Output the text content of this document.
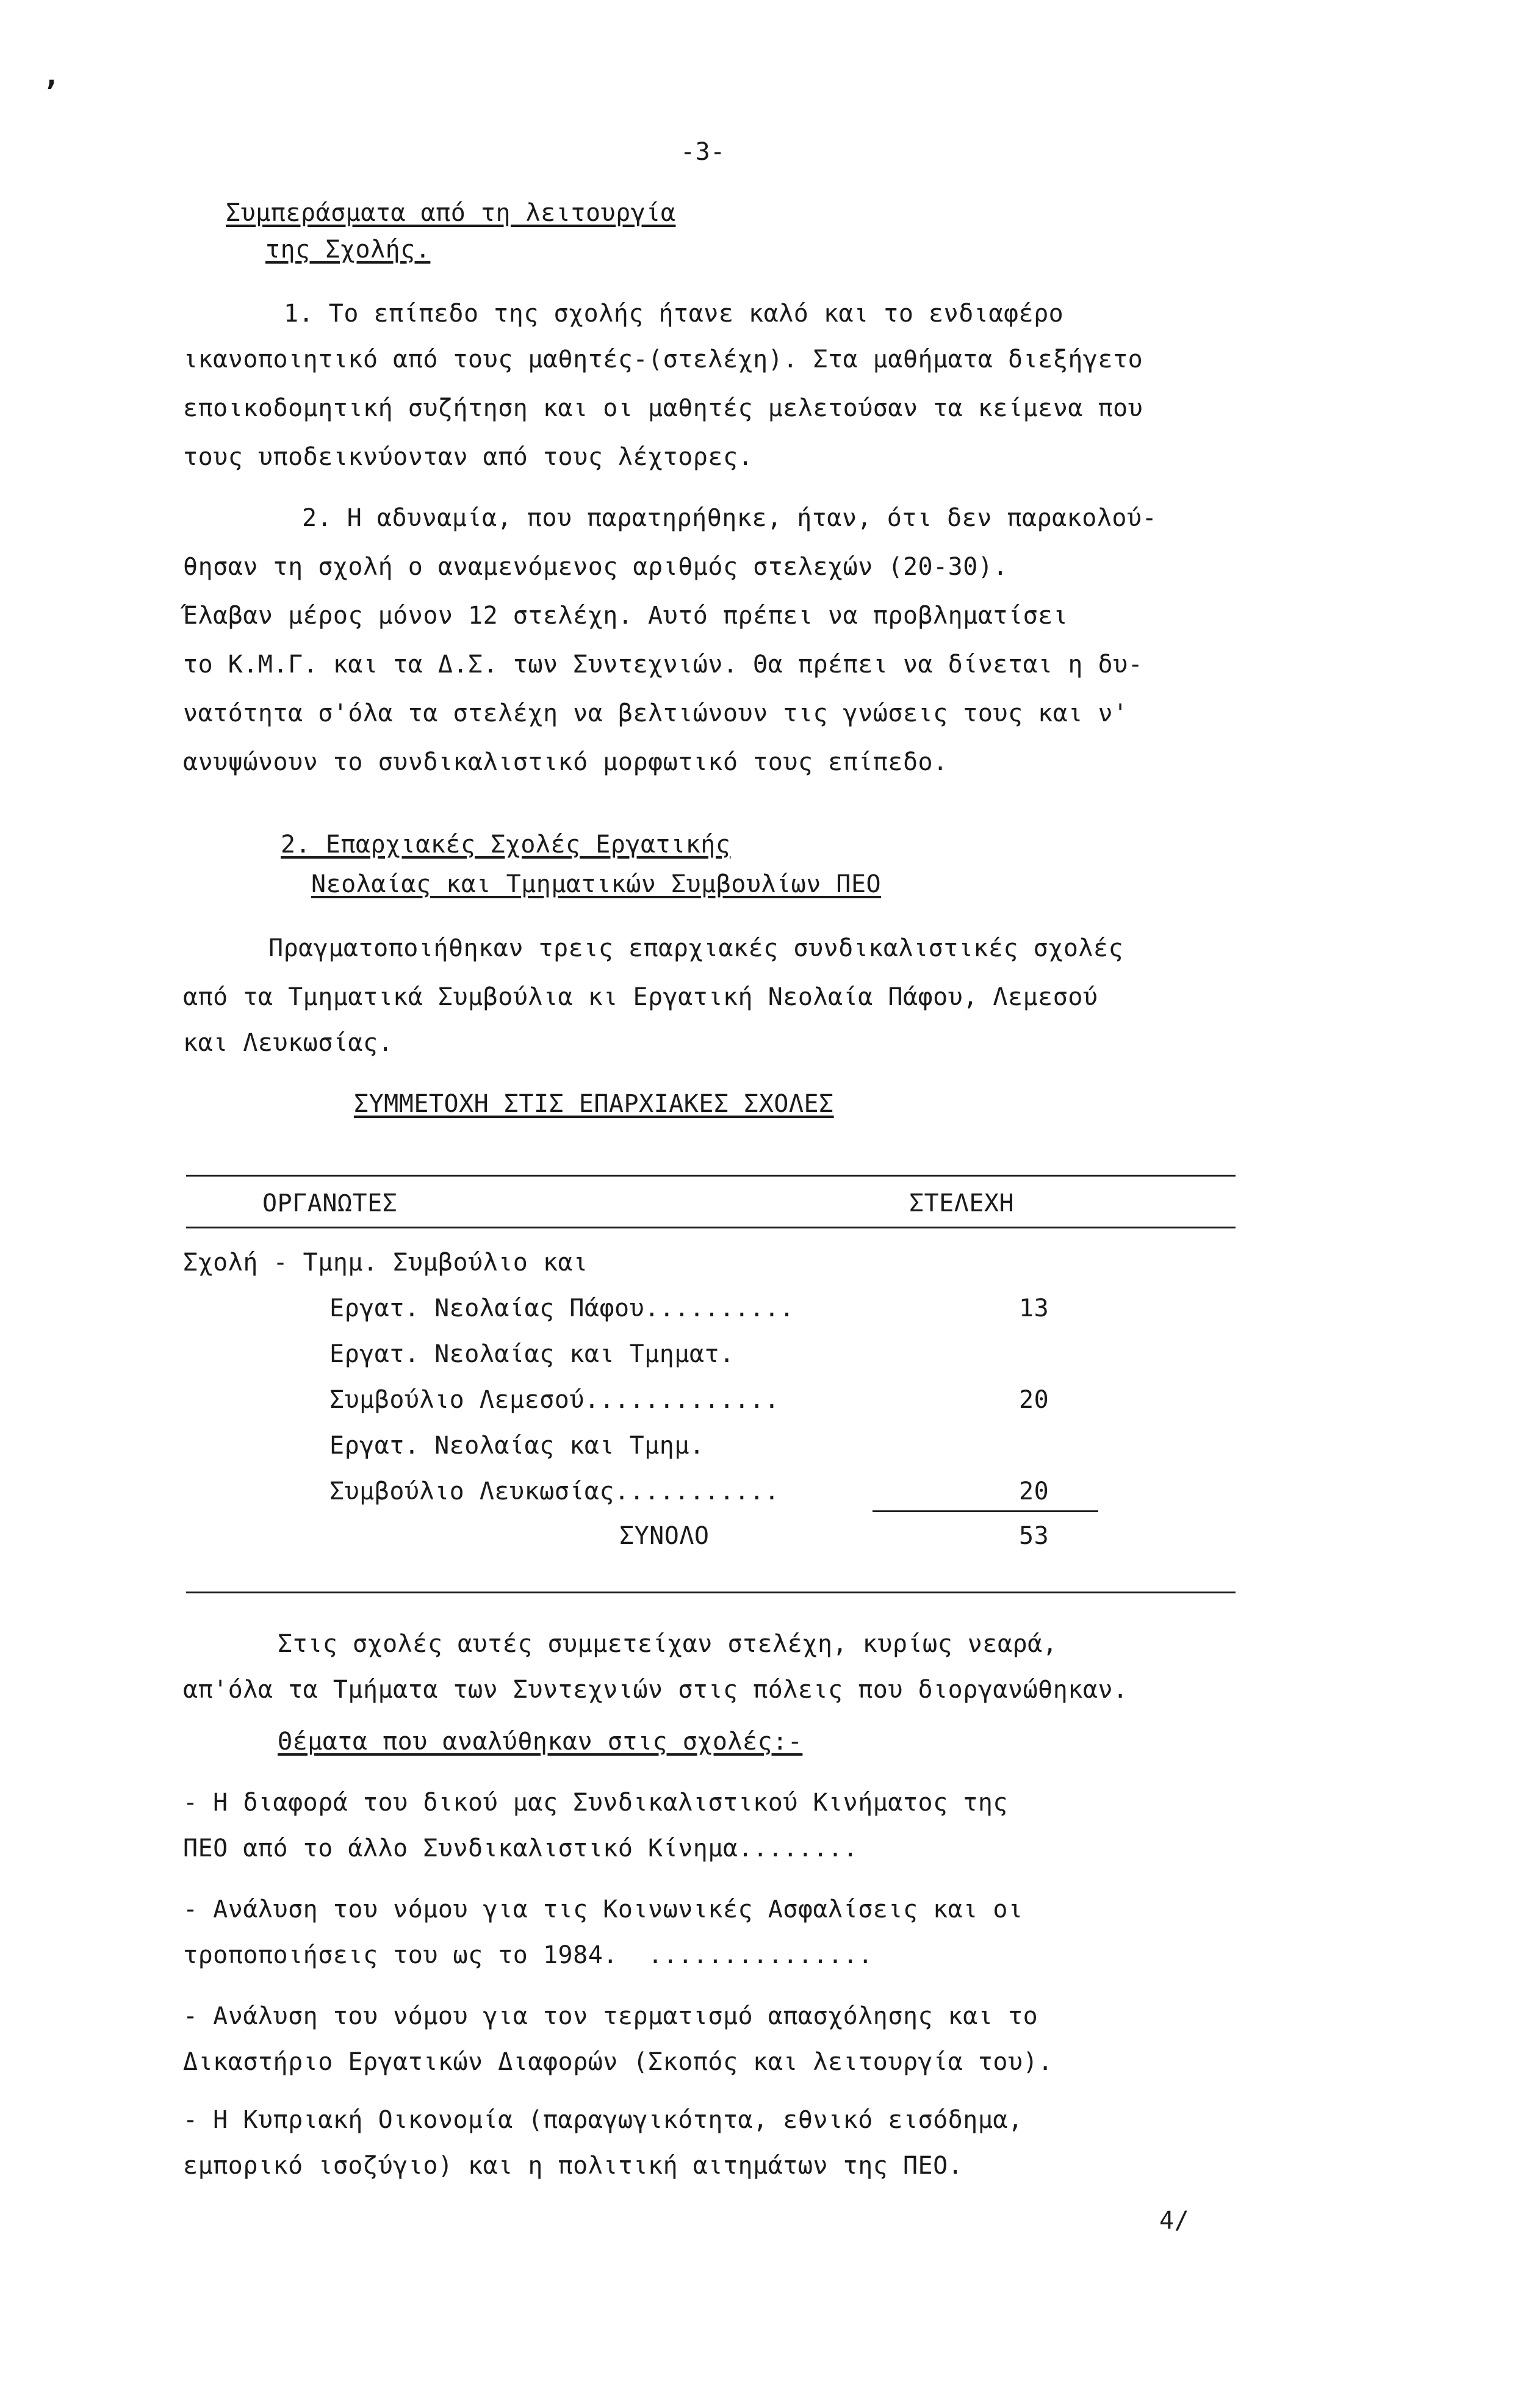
,
-3-
Συμπεράσματα από τη λειτουργία
της Σχολής.
1. Το επίπεδο της σχολής ήτανε καλό και το ενδιαφέρο
ικανοποιητικό από τους μαθητές-(στελέχη). Στα μαθήματα διεξήγετο
εποικοδομητική συζήτηση και οι μαθητές μελετούσαν τα κείμενα που
τους υποδεικνύονταν από τους λέχτορες.
2. Η αδυναμία, που παρατηρήθηκε, ήταν, ότι δεν παρακολού-
θησαν τη σχολή ο αναμενόμενος αριθμός στελεχών (20-30).
Έλαβαν μέρος μόνον 12 στελέχη. Αυτό πρέπει να προβληματίσει
το Κ.Μ.Γ. και τα Δ.Σ. των Συντεχνιών. Θα πρέπει να δίνεται η δυ-
νατότητα σ'όλα τα στελέχη να βελτιώνουν τις γνώσεις τους και ν'
ανυψώνουν το συνδικαλιστικό μορφωτικό τους επίπεδο.
2. Επαρχιακές Σχολές Εργατικής
Νεολαίας και Τμηματικών Συμβουλίων ΠΕΟ
Πραγματοποιήθηκαν τρεις επαρχιακές συνδικαλιστικές σχολές
από τα Τμηματικά Συμβούλια κι Εργατική Νεολαία Πάφου, Λεμεσού
και Λευκωσίας.
ΣΥΜΜΕΤΟΧΗ ΣΤΙΣ ΕΠΑΡΧΙΑΚΕΣ ΣΧΟΛΕΣ
ΟΡΓΑΝΩΤΕΣ	ΣΤΕΛΕΧΗ
Σχολή - Τμημ. Συμβούλιο και
Εργατ. Νεολαίας Πάφου..........	13
Εργατ. Νεολαίας και Τμηματ.
Συμβούλιο Λεμεσού.............	20
Εργατ. Νεολαίας και Τμημ.
Συμβούλιο Λευκωσίας...........	20
ΣΥΝΟΛΟ	53
Στις σχολές αυτές συμμετείχαν στελέχη, κυρίως νεαρά,
απ'όλα τα Τμήματα των Συντεχνιών στις πόλεις που διοργανώθηκαν.
Θέματα που αναλύθηκαν στις σχολές:-
- Η διαφορά του δικού μας Συνδικαλιστικού Κινήματος της
ΠΕΟ από το άλλο Συνδικαλιστικό Κίνημα........
- Ανάλυση του νόμου για τις Κοινωνικές Ασφαλίσεις και οι
τροποποιήσεις του ως το 1984.  ...............
- Ανάλυση του νόμου για τον τερματισμό απασχόλησης και το
Δικαστήριο Εργατικών Διαφορών (Σκοπός και λειτουργία του).
- Η Κυπριακή Οικονομία (παραγωγικότητα, εθνικό εισόδημα,
εμπορικό ισοζύγιο) και η πολιτική αιτημάτων της ΠΕΟ.
4/
